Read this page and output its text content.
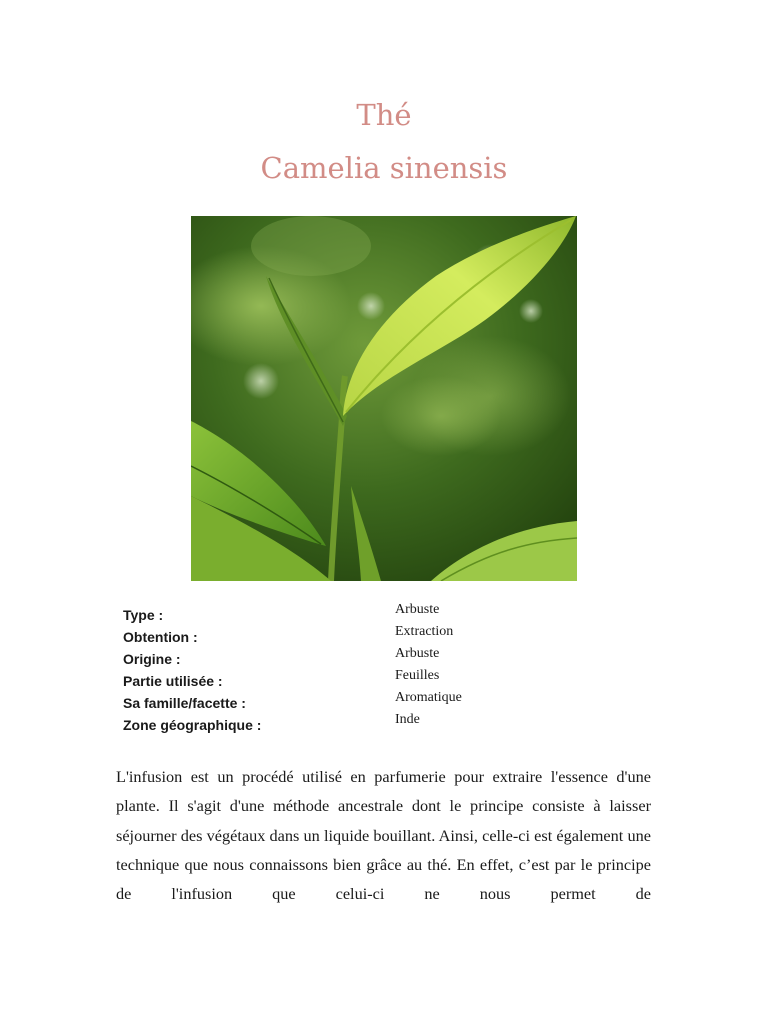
Thé
Camelia sinensis
Type :
Obtention :
Origine :
Partie utilisée :
Sa famille/facette :
Zone géographique :
Arbuste
Extraction
Arbuste
Feuilles
Aromatique
Inde

L'infusion est un procédé utilisé en parfumerie pour extraire l'essence d'une plante. Il s'agit d'une méthode ancestrale dont le principe consiste à laisser séjourner des végétaux dans un liquide bouillant. Ainsi, celle-ci est également une technique que nous connaissons bien grâce au thé. En effet, c’est par le principe de l'infusion que celui-ci ne nous permet de
